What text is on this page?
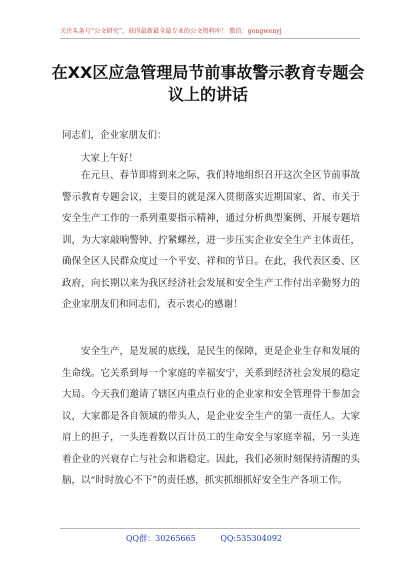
关注头条号“公文研究”，获得最新最全最专业的公文资料库！ 微信：gongwenyj
在XX区应急管理局节前事故警示教育专题会议上的讲话
同志们，企业家朋友们：
大家上午好！

在元旦、春节即将到来之际，我们特地组织召开这次全区节前事故警示教育专题会议，主要目的就是深入贯彻落实近期国家、省、市关于安全生产工作的一系列重要指示精神，通过分析典型案例、开展专题培训，为大家敲响警钟、拧紧螺丝，进一步压实企业安全生产主体责任，确保全区人民群众度过一个平安、祥和的节日。在此，我代表区委、区政府，向长期以来为我区经济社会发展和安全生产工作付出辛勤努力的企业家朋友们和同志们，表示衷心的感谢！

安全生产，是发展的底线，是民生的保障，更是企业生存和发展的生命线。它关系到每一个家庭的幸福安宁，关系到经济社会发展的稳定大局。今天我们邀请了辖区内重点行业的企业家和安全管理骨干参加会议，大家都是各自领域的带头人，是企业安全生产的第一责任人。大家肩上的担子，一头连着数以百计员工的生命安全与家庭幸福，另一头连着企业的兴衰存亡与社会和谐稳定。因此，我们必须时刻保持清醒的头脑，以“时时放心不下”的责任感，抓实抓细抓好安全生产各项工作。

QQ群：30265665	QQ:535304092
